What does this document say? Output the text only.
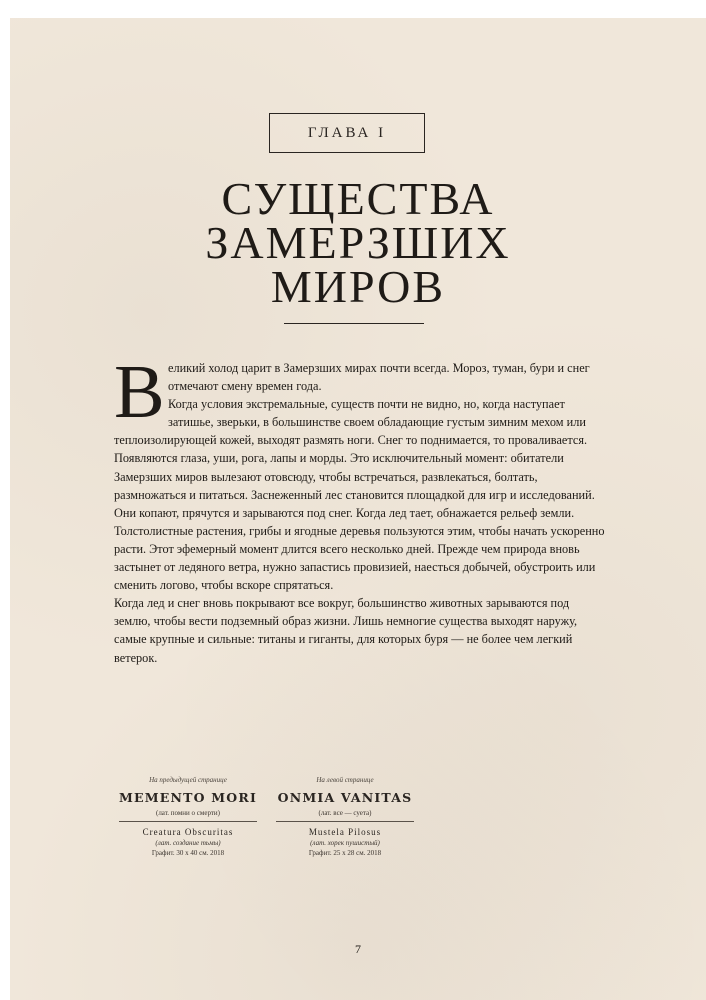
ГЛАВА I
СУЩЕСТВА
ЗАМЕРЗШИХ
МИРОВ
В еликий холод царит в Замерзших мирах почти всегда. Мороз, туман, бури и снег отмечают смену времен года.
Когда условия экстремальные, существ почти не видно, но, когда наступает затишье, зверьки, в большинстве своем обладающие густым зимним мехом или теплоизолирующей кожей, выходят размять ноги. Снег то поднимается, то проваливается. Появляются глаза, уши, рога, лапы и морды. Это исключительный момент: обитатели Замерзших миров вылезают отовсюду, чтобы встречаться, развлекаться, болтать, размножаться и питаться. Заснеженный лес становится площадкой для игр и исследований. Они копают, прячутся и зарываются под снег. Когда лед тает, обнажается рельеф земли. Толстолистные растения, грибы и ягодные деревья пользуются этим, чтобы начать ускоренно расти. Этот эфемерный момент длится всего несколько дней. Прежде чем природа вновь застынет от ледяного ветра, нужно запастись провизией, наесться добычей, обустроить или сменить логово, чтобы вскоре спрятаться.
Когда лед и снег вновь покрывают все вокруг, большинство животных зарываются под землю, чтобы вести подземный образ жизни. Лишь немногие существа выходят наружу, самые крупные и сильные: титаны и гиганты, для которых буря — не более чем легкий ветерок.
На предыдущей странице
MEMENTO MORI
(лат. помни о смерти)
Creatura Obscuritas
(лат. создание тьмы)
Графит. 30 х 40 см. 2018
На левой странице
ONMIA VANITAS
(лат. все — суета)
Mustela Pilosus
(лат. хорек пушистый)
Графит. 25 х 28 см. 2018
7
